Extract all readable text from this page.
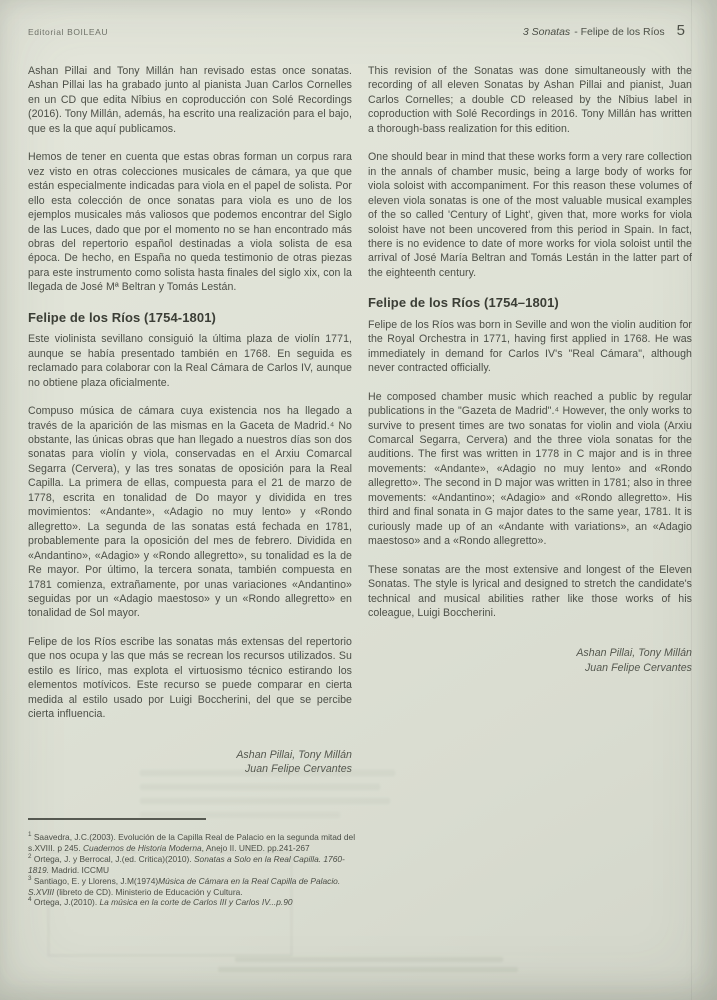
Editorial BOILEAU	3 Sonatas - Felipe de los Ríos 5

Ashan Pillai and Tony Millán han revisado estas once sonatas. Ashan Pillai las ha grabado junto al pianista Juan Carlos Cornelles en un CD que edita Nîbius en coproducción con Solé Recordings (2016). Tony Millán, además, ha escrito una realización para el bajo, que es la que aquí publicamos.

Hemos de tener en cuenta que estas obras forman un corpus rara vez visto en otras colecciones musicales de cámara, ya que que están especialmente indicadas para viola en el papel de solista. Por ello esta colección de once sonatas para viola es uno de los ejemplos musicales más valiosos que podemos encontrar del Siglo de las Luces, dado que por el momento no se han encontrado más obras del repertorio español destinadas a viola solista de esa época. De hecho, en España no queda testimonio de otras piezas para este instrumento como solista hasta finales del siglo xix, con la llegada de José Mª Beltran y Tomás Lestán.

Felipe de los Ríos (1754-1801)

Este violinista sevillano consiguió la última plaza de violín 1771, aunque se había presentado también en 1768. En seguida es reclamado para colaborar con la Real Cámara de Carlos IV, aunque no obtiene plaza oficialmente.

Compuso música de cámara cuya existencia nos ha llegado a través de la aparición de las mismas en la Gaceta de Madrid.⁴ No obstante, las únicas obras que han llegado a nuestros días son dos sonatas para violín y viola, conservadas en el Arxiu Comarcal Segarra (Cervera), y las tres sonatas de oposición para la Real Capilla. La primera de ellas, compuesta para el 21 de marzo de 1778, escrita en tonalidad de Do mayor y dividida en tres movimientos: «Andante», «Adagio no muy lento» y «Rondo allegretto». La segunda de las sonatas está fechada en 1781, probablemente para la oposición del mes de febrero. Dividida en «Andantino», «Adagio» y «Rondo allegretto», su tonalidad es la de Re mayor. Por último, la tercera sonata, también compuesta en 1781 comienza, extrañamente, por unas variaciones «Andantino» seguidas por un «Adagio maestoso» y un «Rondo allegretto» en tonalidad de Sol mayor.

Felipe de los Ríos escribe las sonatas más extensas del repertorio que nos ocupa y las que más se recrean los recursos utilizados. Su estilo es lírico, mas explota el virtuosismo técnico estirando los elementos motívicos. Este recurso se puede comparar en cierta medida al estilo usado por Luigi Boccherini, del que se percibe cierta influencia.

Ashan Pillai, Tony Millán
Juan Felipe Cervantes

This revision of the Sonatas was done simultaneously with the recording of all eleven Sonatas by Ashan Pillai and pianist, Juan Carlos Cornelles; a double CD released by the Nîbius label in coproduction with Solé Recordings in 2016. Tony Millán has written a thorough-bass realization for this edition.

One should bear in mind that these works form a very rare collection in the annals of chamber music, being a large body of works for viola soloist with accompaniment. For this reason these volumes of eleven viola sonatas is one of the most valuable musical examples of the so called 'Century of Light', given that, more works for viola soloist have not been uncovered from this period in Spain. In fact, there is no evidence to date of more works for viola soloist until the arrival of José María Beltran and Tomás Lestán in the latter part of the eighteenth century.

Felipe de los Ríos (1754–1801)

Felipe de los Ríos was born in Seville and won the violin audition for the Royal Orchestra in 1771, having first applied in 1768. He was immediately in demand for Carlos IV's "Real Cámara", although never contracted officially.

He composed chamber music which reached a public by regular publications in the "Gazeta de Madrid".⁴ However, the only works to survive to present times are two sonatas for violin and viola (Arxiu Comarcal Segarra, Cervera) and the three viola sonatas for the auditions. The first was written in 1778 in C major and is in three movements: «Andante», «Adagio no muy lento» and «Rondo allegretto». The second in D major was written in 1781; also in three movements: «Andantino»; «Adagio» and «Rondo allegretto». His third and final sonata in G major dates to the same year, 1781. It is curiously made up of an «Andante with variations», an «Adagio maestoso» and a «Rondo allegretto».

These sonatas are the most extensive and longest of the Eleven Sonatas. The style is lyrical and designed to stretch the candidate's technical and musical abilities rather like those works of his coleague, Luigi Boccherini.

Ashan Pillai, Tony Millán
Juan Felipe Cervantes

$^1$ Saavedra, J.C.(2003). Evolución de la Capilla Real de Palacio en la segunda mitad del s.XVIII. p 245. Cuadernos de Historia Moderna, Anejo II. UNED. pp.241-267

$^2$ Ortega, J. y Berrocal, J.(ed. Critica)(2010). Sonatas a Solo en la Real Capilla. 1760-1819. Madrid. ICCMU

$^3$ Santiago, E. y Llorens, J.M(1974)Música de Cámara en la Real Capilla de Palacio. S.XVIII (libreto de CD). Ministerio de Educación y Cultura.

$^4$ Ortega, J.(2010). La música en la corte de Carlos III y Carlos IV...p.90
